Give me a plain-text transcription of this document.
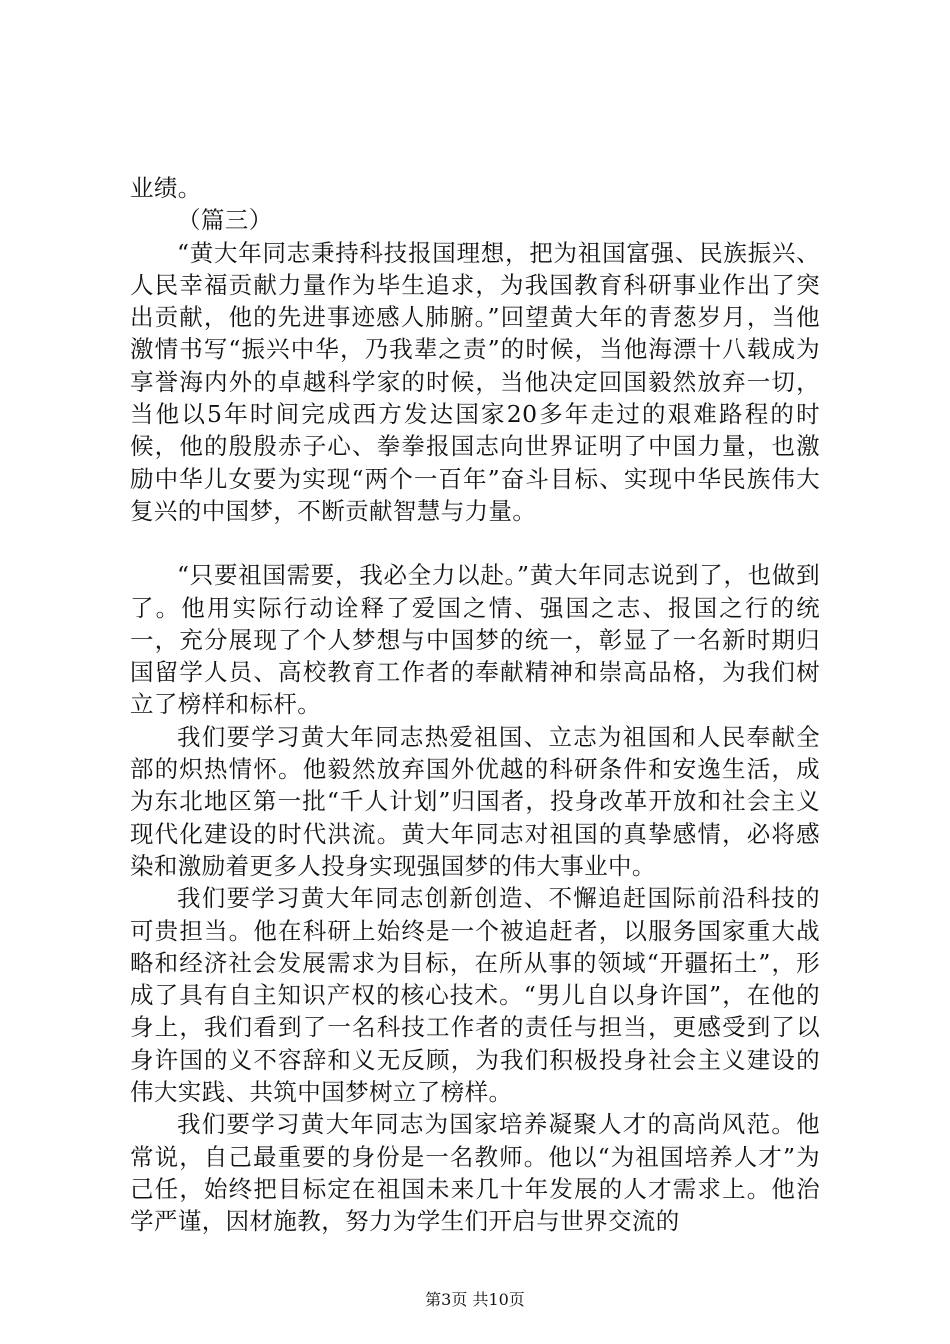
业绩。

（篇三）

“黄大年同志秉持科技报国理想，把为祖国富强、民族振兴、人民幸福贡献力量作为毕生追求，为我国教育科研事业作出了突出贡献，他的先进事迹感人肺腑。”回望黄大年的青葱岁月，当他激情书写“振兴中华，乃我辈之责”的时候，当他海漂十八载成为享誉海内外的卓越科学家的时候，当他决定回国毅然放弃一切，当他以5年时间完成西方发达国家20多年走过的艰难路程的时候，他的殷殷赤子心、拳拳报国志向世界证明了中国力量，也激励中华儿女要为实现“两个一百年”奋斗目标、实现中华民族伟大复兴的中国梦，不断贡献智慧与力量。

“只要祖国需要，我必全力以赴。”黄大年同志说到了，也做到了。他用实际行动诠释了爱国之情、强国之志、报国之行的统一，充分展现了个人梦想与中国梦的统一，彰显了一名新时期归国留学人员、高校教育工作者的奉献精神和崇高品格，为我们树立了榜样和标杆。

我们要学习黄大年同志热爱祖国、立志为祖国和人民奉献全部的炽热情怀。他毅然放弃国外优越的科研条件和安逸生活，成为东北地区第一批“千人计划”归国者，投身改革开放和社会主义现代化建设的时代洪流。黄大年同志对祖国的真挚感情，必将感染和激励着更多人投身实现强国梦的伟大事业中。

我们要学习黄大年同志创新创造、不懈追赶国际前沿科技的可贵担当。他在科研上始终是一个被追赶者，以服务国家重大战略和经济社会发展需求为目标，在所从事的领域“开疆拓土”，形成了具有自主知识产权的核心技术。“男儿自以身许国”，在他的身上，我们看到了一名科技工作者的责任与担当，更感受到了以身许国的义不容辞和义无反顾，为我们积极投身社会主义建设的伟大实践、共筑中国梦树立了榜样。

我们要学习黄大年同志为国家培养凝聚人才的高尚风范。他常说，自己最重要的身份是一名教师。他以“为祖国培养人才”为己任，始终把目标定在祖国未来几十年发展的人才需求上。他治学严谨，因材施教，努力为学生们开启与世界交流的

第3页 共10页
